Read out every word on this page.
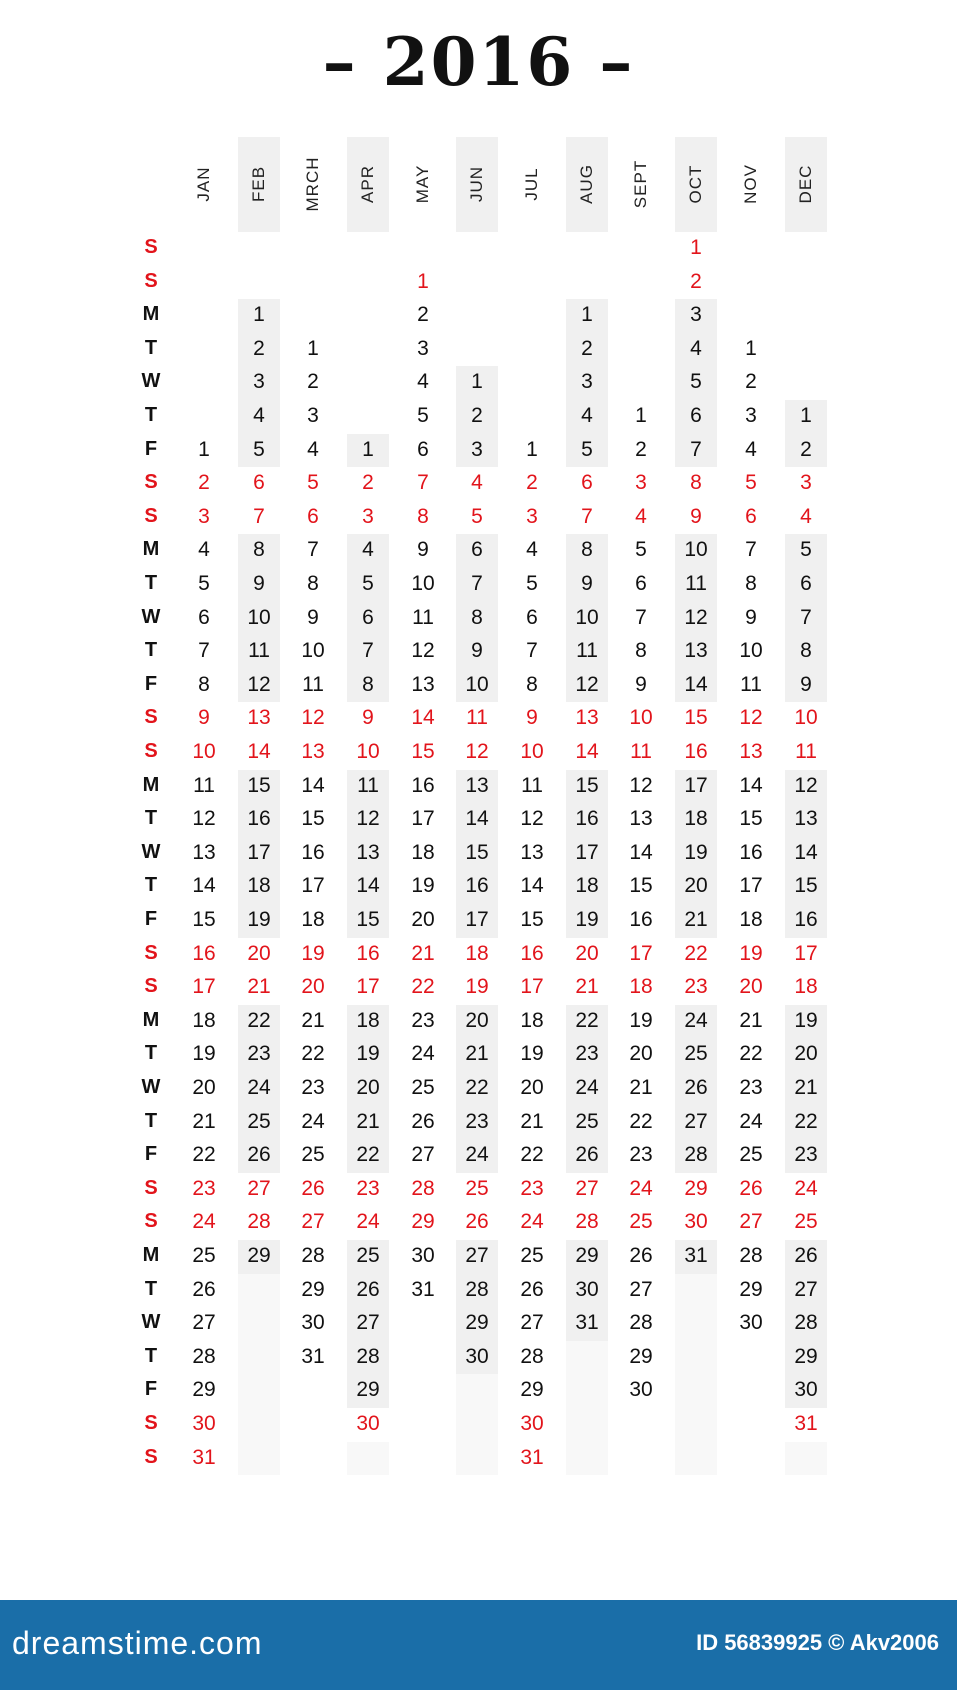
– 2016 –
S
S
M
T
W
T
F
S
S
M
T
W
T
F
S
S
M
T
W
T
F
S
S
M
T
W
T
F
S
S
M
T
W
T
F
S
S
JAN
1
2
3
4
5
6
7
8
9
10
11
12
13
14
15
16
17
18
19
20
21
22
23
24
25
26
27
28
29
30
31
FEB
1
2
3
4
5
6
7
8
9
10
11
12
13
14
15
16
17
18
19
20
21
22
23
24
25
26
27
28
29
MRCH
1
2
3
4
5
6
7
8
9
10
11
12
13
14
15
16
17
18
19
20
21
22
23
24
25
26
27
28
29
30
31
APR
1
2
3
4
5
6
7
8
9
10
11
12
13
14
15
16
17
18
19
20
21
22
23
24
25
26
27
28
29
30
MAY
1
2
3
4
5
6
7
8
9
10
11
12
13
14
15
16
17
18
19
20
21
22
23
24
25
26
27
28
29
30
31
JUN
1
2
3
4
5
6
7
8
9
10
11
12
13
14
15
16
17
18
19
20
21
22
23
24
25
26
27
28
29
30
JUL
1
2
3
4
5
6
7
8
9
10
11
12
13
14
15
16
17
18
19
20
21
22
23
24
25
26
27
28
29
30
31
AUG
1
2
3
4
5
6
7
8
9
10
11
12
13
14
15
16
17
18
19
20
21
22
23
24
25
26
27
28
29
30
31
SEPT
1
2
3
4
5
6
7
8
9
10
11
12
13
14
15
16
17
18
19
20
21
22
23
24
25
26
27
28
29
30
OCT
1
2
3
4
5
6
7
8
9
10
11
12
13
14
15
16
17
18
19
20
21
22
23
24
25
26
27
28
29
30
31
NOV
1
2
3
4
5
6
7
8
9
10
11
12
13
14
15
16
17
18
19
20
21
22
23
24
25
26
27
28
29
30
DEC
1
2
3
4
5
6
7
8
9
10
11
12
13
14
15
16
17
18
19
20
21
22
23
24
25
26
27
28
29
30
31
dreamstime.com	ID 56839925 © Akv2006
